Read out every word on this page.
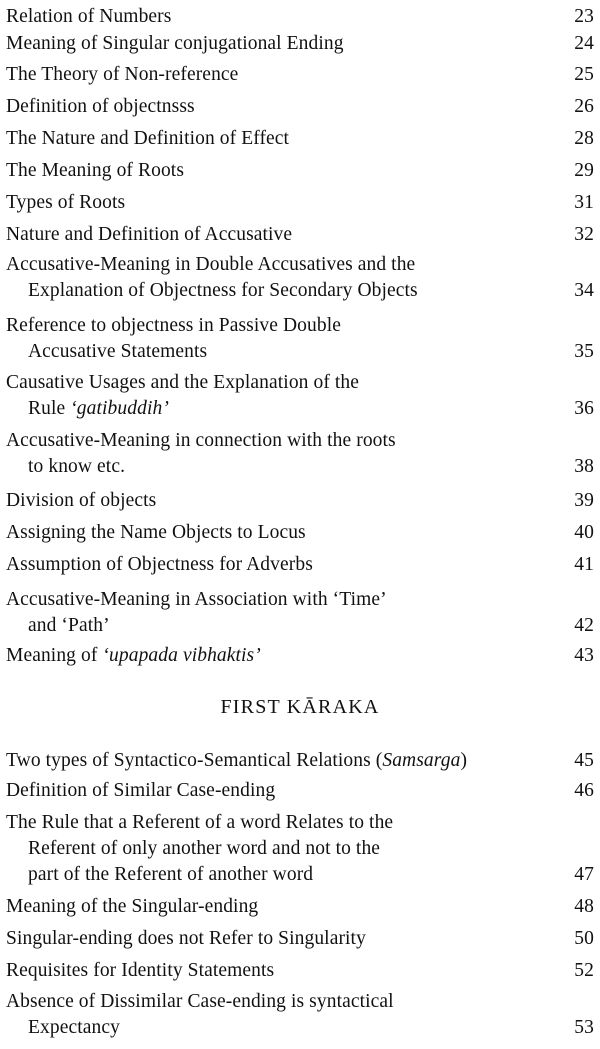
Relation of Numbers	23
Meaning of Singular conjugational Ending	24
The Theory of Non-reference	25
Definition of objectnsss	26
The Nature and Definition of Effect	28
The Meaning of Roots	29
Types of Roots	31
Nature and Definition of Accusative	32
Accusative-Meaning in Double Accusatives and the
Explanation of Objectness for Secondary Objects	34
Reference to objectness in Passive Double
Accusative Statements	35
Causative Usages and the Explanation of the
Rule ‘gatibuddih’	36
Accusative-Meaning in connection with the roots
to know etc.	38
Division of objects	39
Assigning the Name Objects to Locus	40
Assumption of Objectness for Adverbs	41
Accusative-Meaning in Association with ‘Time’
and ‘Path’	42
Meaning of ‘upapada vibhaktis’	43
FIRST KĀRAKA
Two types of Syntactico-Semantical Relations (Samsarga)	45
Definition of Similar Case-ending	46
The Rule that a Referent of a word Relates to the
Referent of only another word and not to the
part of the Referent of another word	47
Meaning of the Singular-ending	48
Singular-ending does not Refer to Singularity	50
Requisites for Identity Statements	52
Absence of Dissimilar Case-ending is syntactical
Expectancy	53
